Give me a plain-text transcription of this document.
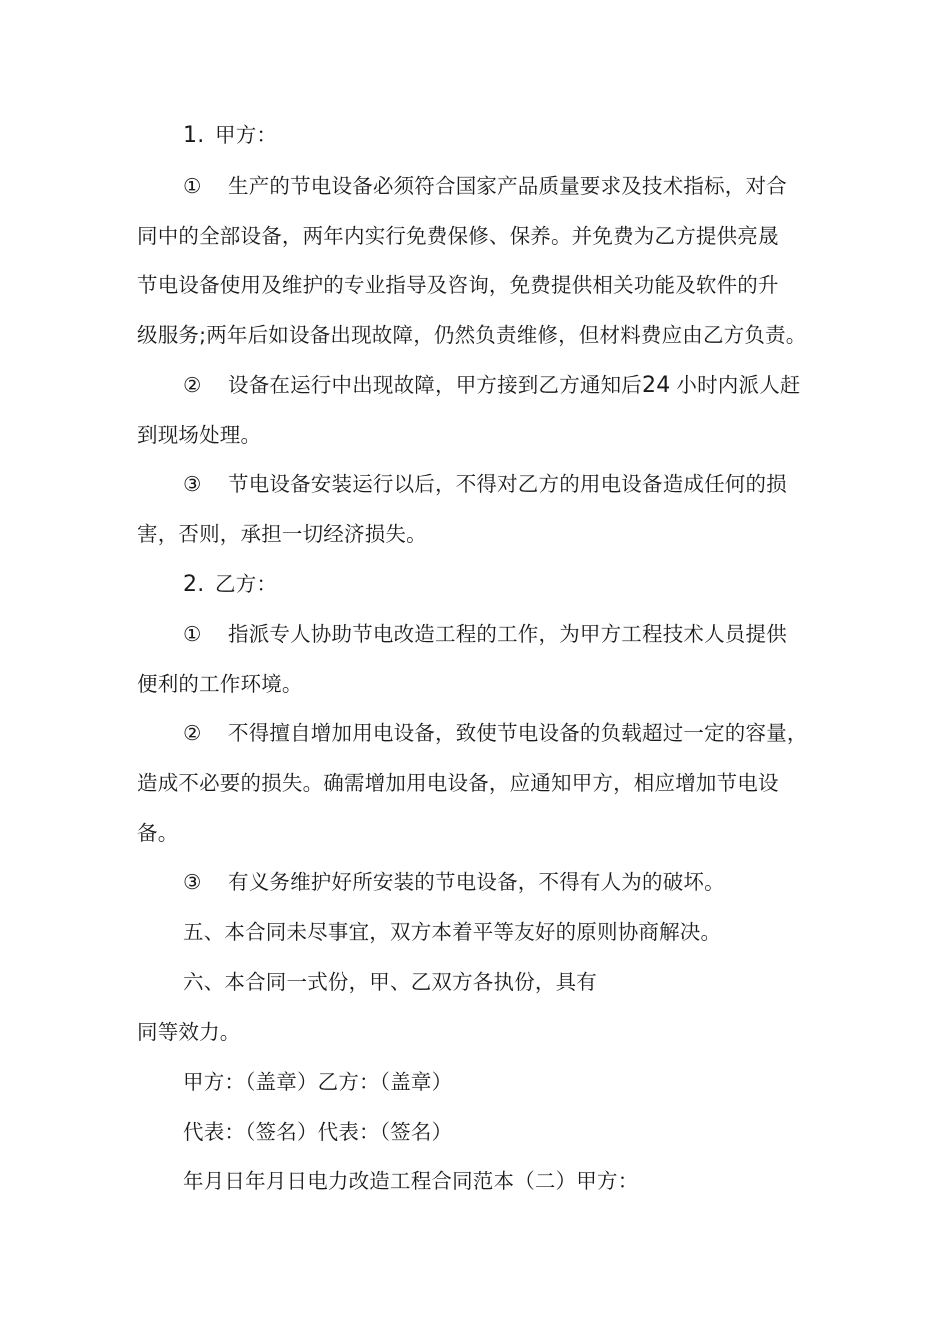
1. 甲方：
① 生产的节电设备必须符合国家产品质量要求及技术指标，对合
同中的全部设备，两年内实行免费保修、保养。并免费为乙方提供亮晟
节电设备使用及维护的专业指导及咨询，免费提供相关功能及软件的升
级服务;两年后如设备出现故障，仍然负责维修，但材料费应由乙方负责。
② 设备在运行中出现故障，甲方接到乙方通知后24 小时内派人赶
到现场处理。
③ 节电设备安装运行以后，不得对乙方的用电设备造成任何的损
害，否则，承担一切经济损失。
2. 乙方：
① 指派专人协助节电改造工程的工作，为甲方工程技术人员提供
便利的工作环境。
② 不得擅自增加用电设备，致使节电设备的负载超过一定的容量，
造成不必要的损失。确需增加用电设备，应通知甲方，相应增加节电设
备。
③ 有义务维护好所安装的节电设备，不得有人为的破坏。
五、本合同未尽事宜，双方本着平等友好的原则协商解决。
六、本合同一式份，甲、乙双方各执份，具有
同等效力。
甲方：（盖章）乙方：（盖章）
代表：（签名）代表：（签名）
年月日年月日电力改造工程合同范本（二）甲方：
